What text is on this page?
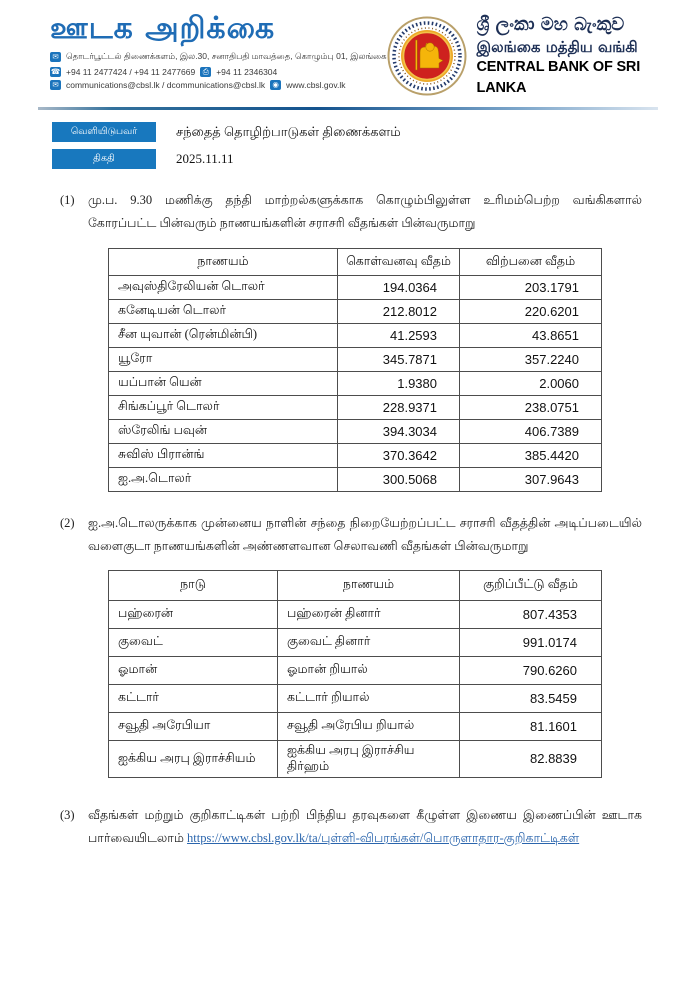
ஊடக அறிக்கை
✉ தொடர்பூட்டல் திணைக்களம், இல.30, சனாதிபதி மாவத்தை, கொழும்பு 01, இலங்கை
☎ +94 11 2477424 / +94 11 2477669	⎙ +94 11 2346304
✉ communications@cbsl.lk / dcommunications@cbsl.lk ◉ www.cbsl.gov.lk
ශ්‍රී ලංකා මහ බැංකුව
இலங்கை மத்திய வங்கி
CENTRAL BANK OF SRI LANKA
வெளியிடுபவர்	சந்தைத் தொழிற்பாடுகள் திணைக்களம்
திகதி	2025.11.11
(1)	மு.ப. 9.30 மணிக்கு தந்தி மாற்றல்களுக்காக கொழும்பிலுள்ள உரிமம்பெற்ற வங்கிகளால் கோரப்பட்ட பின்வரும் நாணயங்களின் சராசரி வீதங்கள் பின்வருமாறு

நாணயம்	கொள்வனவு வீதம்	விற்பனை வீதம்
அவுஸ்திரேலியன் டொலர்	194.0364	203.1791
கனேடியன் டொலர்	212.8012	220.6201
சீன யுவான் (ரென்மின்பி)	41.2593	43.8651
யூரோ	345.7871	357.2240
யப்பான் யென்	1.9380	2.0060
சிங்கப்பூர் டொலர்	228.9371	238.0751
ஸ்ரேலிங் பவுன்	394.3034	406.7389
சுவிஸ் பிரான்ங்	370.3642	385.4420
ஐ.அ.டொலர்	300.5068	307.9643
(2)	ஐ.அ.டொலருக்காக முன்னைய நாளின் சந்தை நிறையேற்றப்பட்ட சராசரி வீதத்தின் அடிப்படையில் வளைகுடா நாணயங்களின் அண்ணளவான செலாவணி வீதங்கள் பின்வருமாறு

நாடு	நாணயம்	குறிப்பீட்டு வீதம்
பஹ்ரைன்	பஹ்ரைன் தினார்	807.4353
குவைட்	குவைட் தினார்	991.0174
ஓமான்	ஓமான் றியால்	790.6260
கட்டார்	கட்டார் றியால்	83.5459
சவூதி அரேபியா	சவூதி அரேபிய றியால்	81.1601
ஐக்கிய அரபு இராச்சியம்	ஐக்கிய அரபு இராச்சிய திர்ஹம்	82.8839
(3)	வீதங்கள் மற்றும் குறிகாட்டிகள் பற்றி பிந்திய தரவுகளை கீழுள்ள இணைய இணைப்பின் ஊடாக பார்வையிடலாம் https://www.cbsl.gov.lk/ta/புள்ளி-விபரங்கள்/பொருளாதார-குறிகாட்டிகள்
